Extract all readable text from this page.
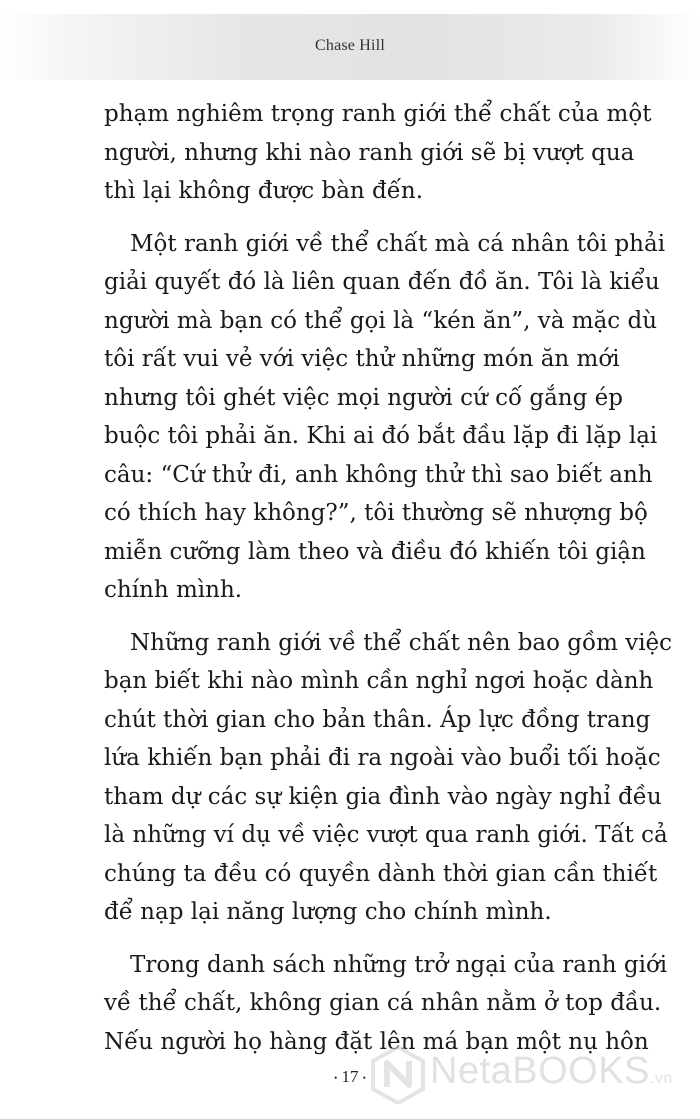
Chase Hill

phạm nghiêm trọng ranh giới thể chất của một
người, nhưng khi nào ranh giới sẽ bị vượt qua
thì lại không được bàn đến.

Một ranh giới về thể chất mà cá nhân tôi phải
giải quyết đó là liên quan đến đồ ăn. Tôi là kiểu
người mà bạn có thể gọi là “kén ăn”, và mặc dù
tôi rất vui vẻ với việc thử những món ăn mới
nhưng tôi ghét việc mọi người cứ cố gắng ép
buộc tôi phải ăn. Khi ai đó bắt đầu lặp đi lặp lại
câu: “Cứ thử đi, anh không thử thì sao biết anh
có thích hay không?”, tôi thường sẽ nhượng bộ
miễn cưỡng làm theo và điều đó khiến tôi giận
chính mình.

Những ranh giới về thể chất nên bao gồm việc
bạn biết khi nào mình cần nghỉ ngơi hoặc dành
chút thời gian cho bản thân. Áp lực đồng trang
lứa khiến bạn phải đi ra ngoài vào buổi tối hoặc
tham dự các sự kiện gia đình vào ngày nghỉ đều
là những ví dụ về việc vượt qua ranh giới. Tất cả
chúng ta đều có quyền dành thời gian cần thiết
để nạp lại năng lượng cho chính mình.

Trong danh sách những trở ngại của ranh giới
về thể chất, không gian cá nhân nằm ở top đầu.
Nếu người họ hàng đặt lên má bạn một nụ hôn

• 17 •	NetaBOOKS.vn
